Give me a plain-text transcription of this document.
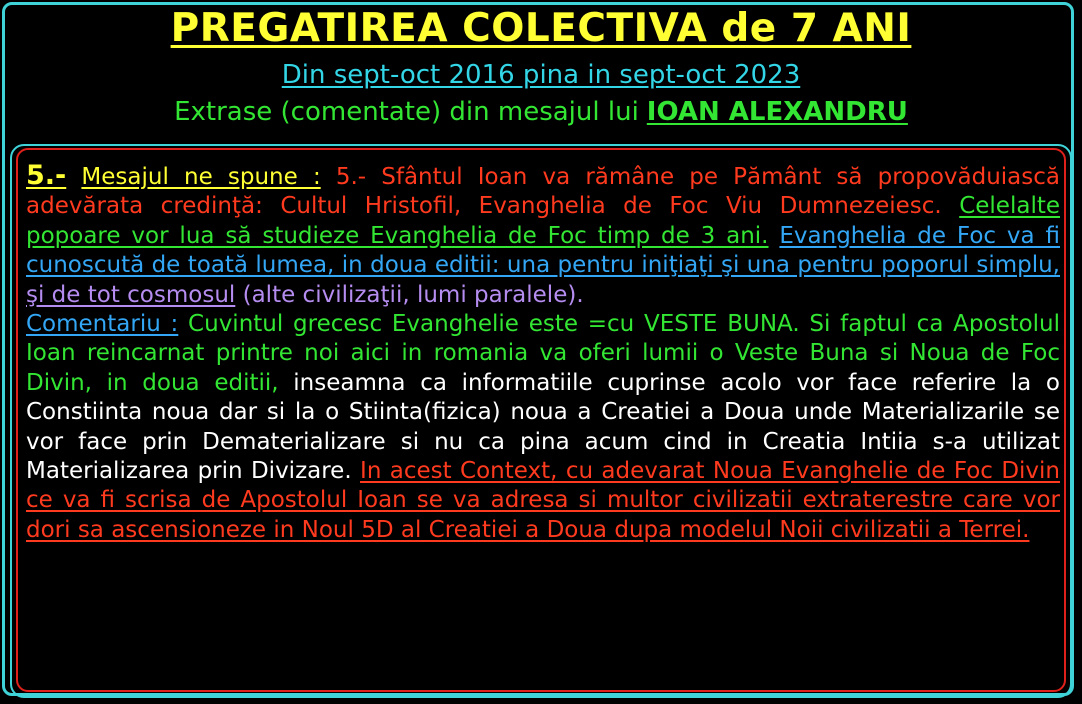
PREGATIREA COLECTIVA de 7 ANI
Din sept-oct 2016 pina in sept-oct 2023
Extrase (comentate) din mesajul lui IOAN ALEXANDRU
5.- Mesajul ne spune : 5.- Sfântul Ioan va rămâne pe Pământ să propovăduiască adevărata credinţă: Cultul Hristofil, Evanghelia de Foc Viu Dumnezeiesc. Celelalte popoare vor lua să studieze Evanghelia de Foc timp de 3 ani. Evanghelia de Foc va fi cunoscută de toată lumea, in doua editii: una pentru iniţiaţi şi una pentru poporul simplu, şi de tot cosmosul (alte civilizaţii, lumi paralele).
Comentariu : Cuvintul grecesc Evanghelie este =cu VESTE BUNA. Si faptul ca Apostolul Ioan reincarnat printre noi aici in romania va oferi lumii o Veste Buna si Noua de Foc Divin, in doua editii, inseamna ca informatiile cuprinse acolo vor face referire la o Constiinta noua dar si la o Stiinta(fizica) noua a Creatiei a Doua unde Materializarile se vor face prin Dematerializare si nu ca pina acum cind in Creatia Intiia s-a utilizat Materializarea prin Divizare. In acest Context, cu adevarat Noua Evanghelie de Foc Divin ce va fi scrisa de Apostolul Ioan se va adresa si multor civilizatii extraterestre care vor dori sa ascensioneze in Noul 5D al Creatiei a Doua dupa modelul Noii civilizatii a Terrei.
